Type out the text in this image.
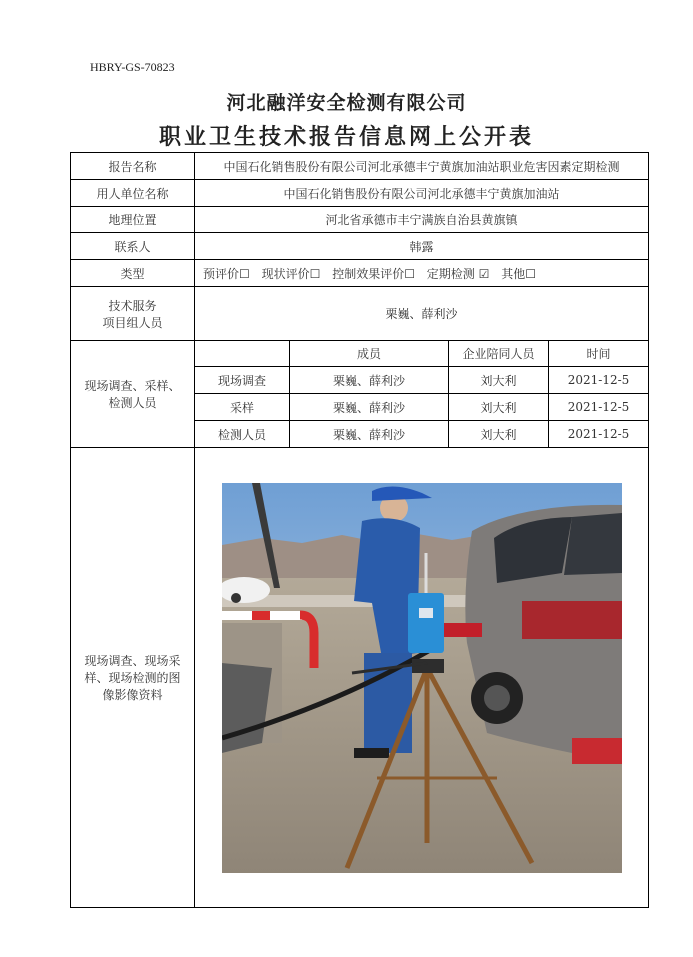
HBRY-GS-70823
河北融洋安全检测有限公司
职业卫生技术报告信息网上公开表
报告名称	中国石化销售股份有限公司河北承德丰宁黄旗加油站职业危害因素定期检测			
用人单位名称	中国石化销售股份有限公司河北承德丰宁黄旗加油站			
地理位置	河北省承德市丰宁满族自治县黄旗镇			
联系人	韩露			
类型	预评价☐ 现状评价☐ 控制效果评价☐ 定期检测 ☑ 其他☐			

技术服务
项目组人员	栗巍、薛利沙			

现场调查、采样、
检测人员		成员	企业陪同人员	时间
	现场调查	栗巍、薛利沙	刘大利	2021-12-5
	采样	栗巍、薛利沙	刘大利	2021-12-5
	检测人员	栗巍、薛利沙	刘大利	2021-12-5

现场调查、现场采
样、现场检测的图
像影像资料
